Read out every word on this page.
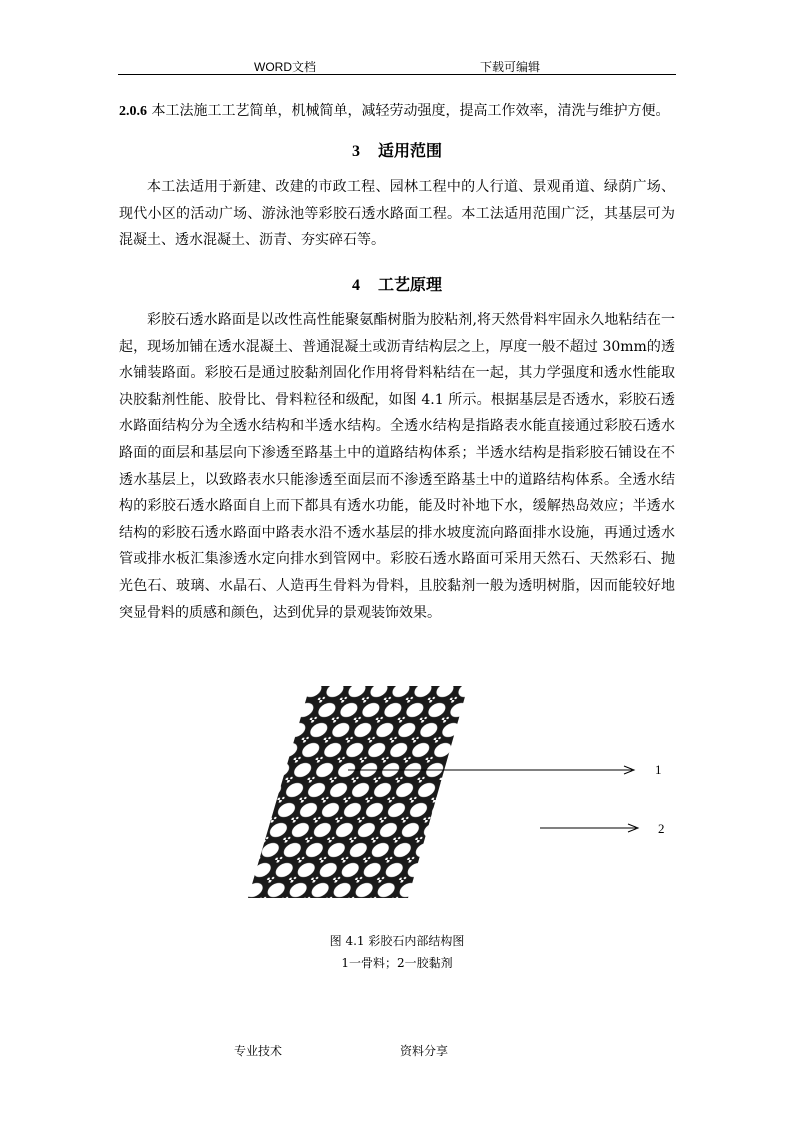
WORD文档	下载可编辑

2.0.6 本工法施工工艺简单，机械简单，减轻劳动强度，提高工作效率，清洗与维护方便。

3 适用范围

本工法适用于新建、改建的市政工程、园林工程中的人行道、景观甬道、绿荫广场、现代小区的活动广场、游泳池等彩胶石透水路面工程。本工法适用范围广泛，其基层可为混凝土、透水混凝土、沥青、夯实碎石等。

4 工艺原理

彩胶石透水路面是以改性高性能聚氨酯树脂为胶粘剂,将天然骨料牢固永久地粘结在一起，现场加铺在透水混凝土、普通混凝土或沥青结构层之上，厚度一般不超过 30mm的透水铺装路面。彩胶石是通过胶黏剂固化作用将骨料粘结在一起，其力学强度和透水性能取决胶黏剂性能、胶骨比、骨料粒径和级配，如图 4.1 所示。根据基层是否透水，彩胶石透水路面结构分为全透水结构和半透水结构。全透水结构是指路表水能直接通过彩胶石透水路面的面层和基层向下渗透至路基土中的道路结构体系；半透水结构是指彩胶石铺设在不透水基层上，以致路表水只能渗透至面层而不渗透至路基土中的道路结构体系。全透水结构的彩胶石透水路面自上而下都具有透水功能，能及时补地下水，缓解热岛效应；半透水结构的彩胶石透水路面中路表水沿不透水基层的排水坡度流向路面排水设施，再通过透水管或排水板汇集渗透水定向排水到管网中。彩胶石透水路面可采用天然石、天然彩石、抛光色石、玻璃、水晶石、人造再生骨料为骨料，且胶黏剂一般为透明树脂，因而能较好地突显骨料的质感和颜色，达到优异的景观装饰效果。

1
2

图 4.1 彩胶石内部结构图

1一骨料；2一胶黏剂

专业技术	资料分享
